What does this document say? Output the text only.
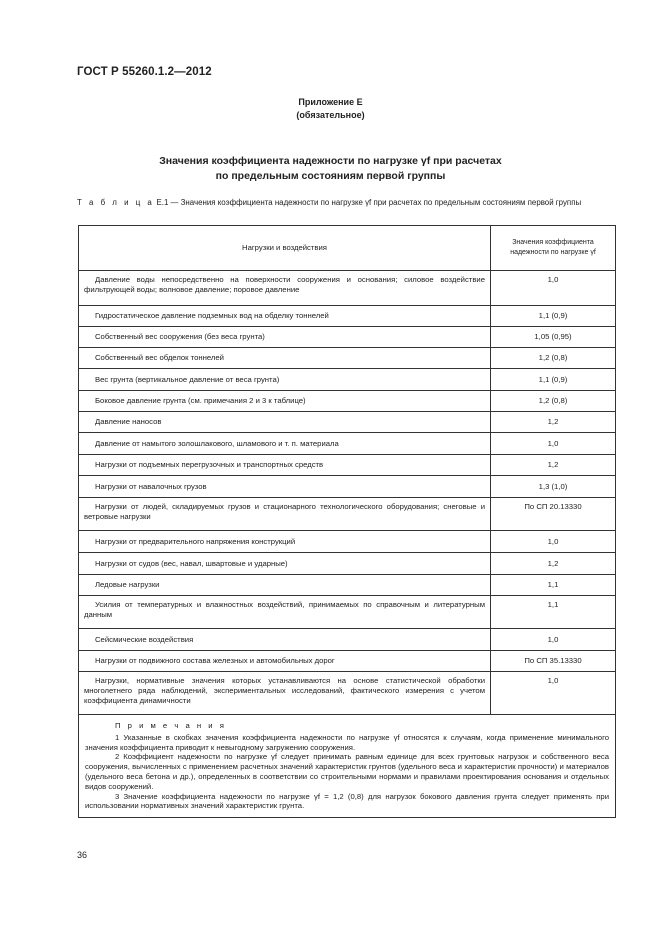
ГОСТ Р 55260.1.2—2012
Приложение Е
(обязательное)
Значения коэффициента надежности по нагрузке γf при расчетах
по предельным состояниям первой группы
Т а б л и ц а Е.1 — Значения коэффициента надежности по нагрузке γf при расчетах по предельным состояниям первой группы
Нагрузки и воздействия	Значения коэффициента надежности по нагрузке γf
Давление воды непосредственно на поверхности сооружения и основания; силовое воздействие фильтрующей воды; волновое давление; поровое давление	1,0
Гидростатическое давление подземных вод на обделку тоннелей	1,1 (0,9)
Собственный вес сооружения (без веса грунта)	1,05 (0,95)
Собственный вес обделок тоннелей	1,2 (0,8)
Вес грунта (вертикальное давление от веса грунта)	1,1 (0,9)
Боковое давление грунта (см. примечания 2 и 3 к таблице)	1,2 (0,8)
Давление наносов	1,2
Давление от намытого золошлакового, шламового и т. п. материала	1,0
Нагрузки от подъемных перегрузочных и транспортных средств	1,2
Нагрузки от навалочных грузов	1,3 (1,0)
Нагрузки от людей, складируемых грузов и стационарного технологического оборудования; снеговые и ветровые нагрузки	По СП 20.13330
Нагрузки от предварительного напряжения конструкций	1,0
Нагрузки от судов (вес, навал, швартовые и ударные)	1,2
Ледовые нагрузки	1,1
Усилия от температурных и влажностных воздействий, принимаемых по справочным и литературным данным	1,1
Сейсмические воздействия	1,0
Нагрузки от подвижного состава железных и автомобильных дорог	По СП 35.13330
Нагрузки, нормативные значения которых устанавливаются на основе статистической обработки многолетнего ряда наблюдений, экспериментальных исследований, фактического измерения с учетом коэффициента динамичности	1,0

П р и м е ч а н и я

1 Указанные в скобках значения коэффициента надежности по нагрузке γf относятся к случаям, когда применение минимального значения коэффициента приводит к невыгодному загружению сооружения.

2 Коэффициент надежности по нагрузке γf следует принимать равным единице для всех грунтовых нагрузок и собственного веса сооружения, вычисленных с применением расчетных значений характеристик грунтов (удельного веса и характеристик прочности) и материалов (удельного веса бетона и др.), определенных в соответствии со строительными нормами и правилами проектирования основания и отдельных видов сооружений.

3 Значение коэффициента надежности по нагрузке γf = 1,2 (0,8) для нагрузок бокового давления грунта следует применять при использовании нормативных значений характеристик грунта.	

36
